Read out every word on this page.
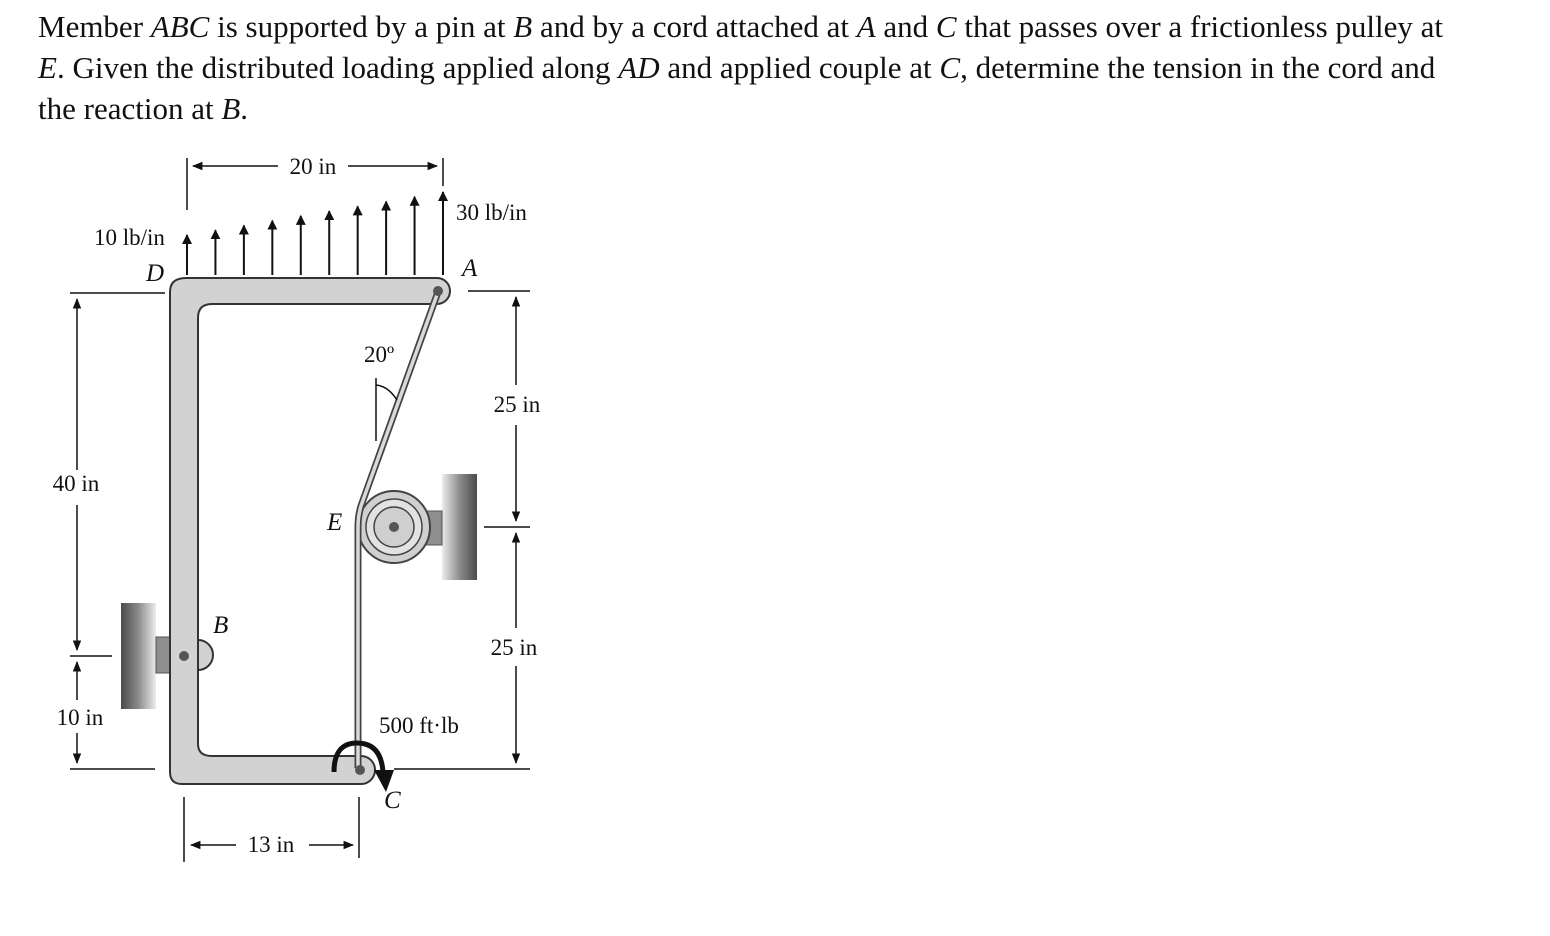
Member ABC is supported by a pin at B and by a cord attached at A and C that passes over a frictionless pulley at E. Given the distributed loading applied along AD and applied couple at C, determine the tension in the cord and the reaction at B.
20 in
10 lb/in
30 lb/in
20º
500 ft·lb
D	A
B
E
C
40 in
10 in
25 in
25 in
13 in
